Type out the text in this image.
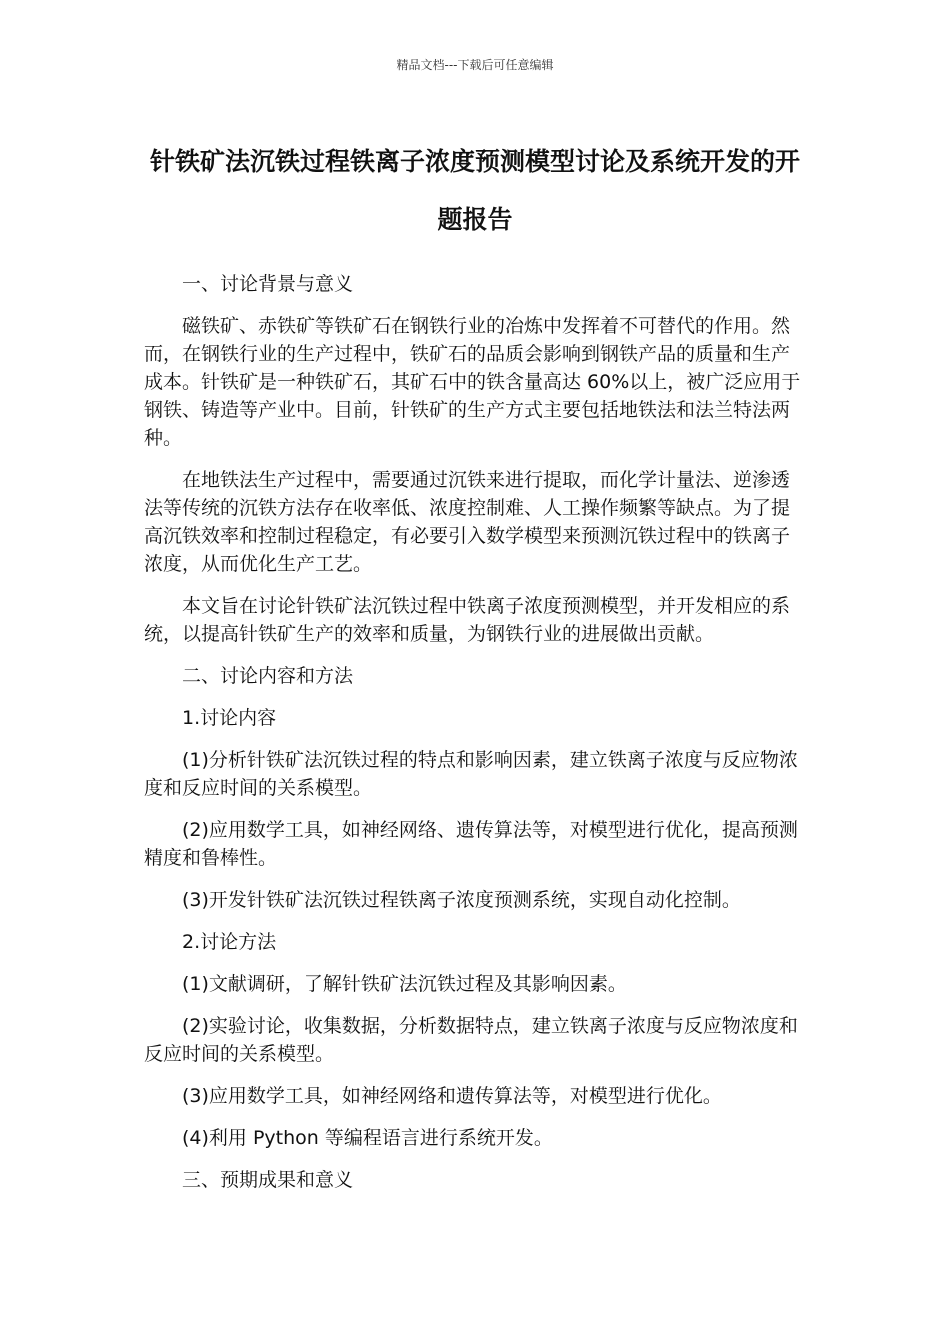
精品文档---下载后可任意编辑
针铁矿法沉铁过程铁离子浓度预测模型讨论及系统开发的开题报告

一、讨论背景与意义

磁铁矿、赤铁矿等铁矿石在钢铁行业的冶炼中发挥着不可替代的作用。然而，在钢铁行业的生产过程中，铁矿石的品质会影响到钢铁产品的质量和生产成本。针铁矿是一种铁矿石，其矿石中的铁含量高达 60%以上，被广泛应用于钢铁、铸造等产业中。目前，针铁矿的生产方式主要包括地铁法和法兰特法两种。

在地铁法生产过程中，需要通过沉铁来进行提取，而化学计量法、逆渗透法等传统的沉铁方法存在收率低、浓度控制难、人工操作频繁等缺点。为了提高沉铁效率和控制过程稳定，有必要引入数学模型来预测沉铁过程中的铁离子浓度，从而优化生产工艺。

本文旨在讨论针铁矿法沉铁过程中铁离子浓度预测模型，并开发相应的系统，以提高针铁矿生产的效率和质量，为钢铁行业的进展做出贡献。

二、讨论内容和方法

1.讨论内容

(1)分析针铁矿法沉铁过程的特点和影响因素，建立铁离子浓度与反应物浓度和反应时间的关系模型。

(2)应用数学工具，如神经网络、遗传算法等，对模型进行优化，提高预测精度和鲁棒性。

(3)开发针铁矿法沉铁过程铁离子浓度预测系统，实现自动化控制。

2.讨论方法

(1)文献调研，了解针铁矿法沉铁过程及其影响因素。

(2)实验讨论，收集数据，分析数据特点，建立铁离子浓度与反应物浓度和反应时间的关系模型。

(3)应用数学工具，如神经网络和遗传算法等，对模型进行优化。

(4)利用 Python 等编程语言进行系统开发。

三、预期成果和意义
